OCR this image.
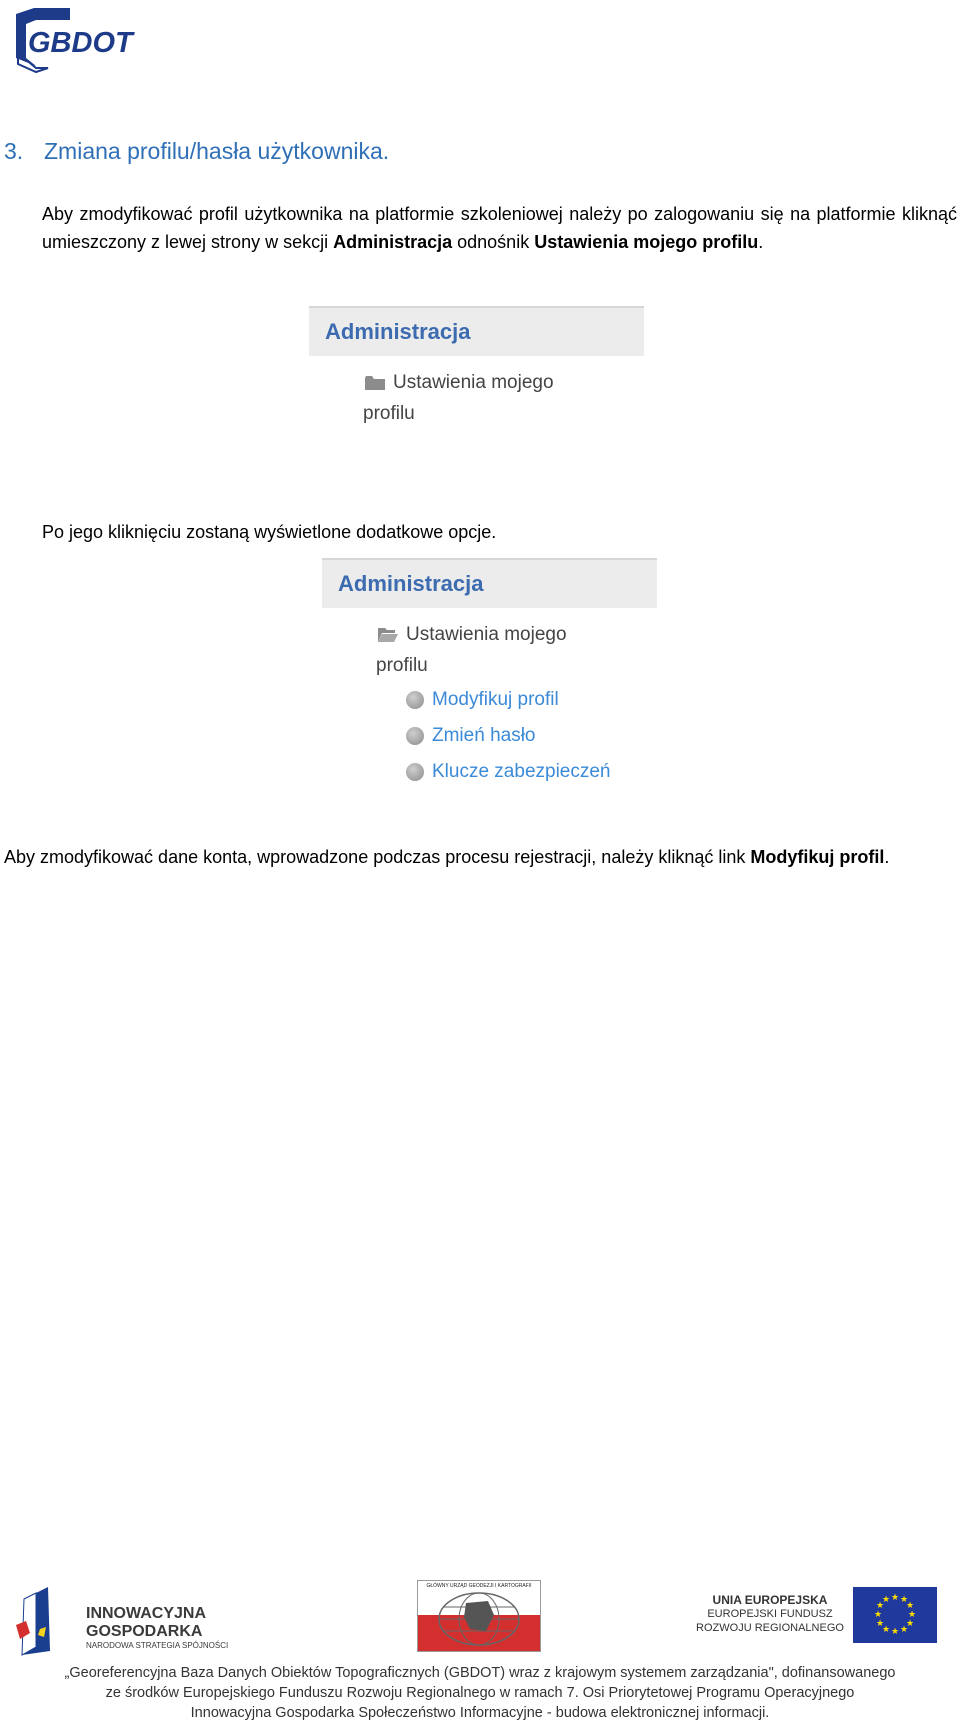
GBDOT
3. Zmiana profilu/hasła użytkownika.

Aby zmodyfikować profil użytkownika na platformie szkoleniowej należy po zalogowaniu się na platformie kliknąć umieszczony z lewej strony w sekcji Administracja odnośnik Ustawienia mojego profilu.

Administracja
Ustawienia mojego
profilu

Po jego kliknięciu zostaną wyświetlone dodatkowe opcje.

Administracja
Ustawienia mojego
profilu
Modyfikuj profil
Zmień hasło
Klucze zabezpieczeń

Aby zmodyfikować dane konta, wprowadzone podczas procesu rejestracji, należy kliknąć link Modyfikuj profil.

INNOWACYJNA
GOSPODARKA
NARODOWA STRATEGIA SPÓJNOŚCI
GŁÓWNY URZĄD GEODEZJI I KARTOGRAFII
UNIA EUROPEJSKA
EUROPEJSKI FUNDUSZ
ROZWOJU REGIONALNEGO
★ ★
★
★
★
★
★
★
★
★
★
★
„Georeferencyjna Baza Danych Obiektów Topograficznych (GBDOT) wraz z krajowym systemem zarządzania", dofinansowanego
ze środków Europejskiego Funduszu Rozwoju Regionalnego w ramach 7. Osi Priorytetowej Programu Operacyjnego
Innowacyjna Gospodarka Społeczeństwo Informacyjne - budowa elektronicznej informacji.
